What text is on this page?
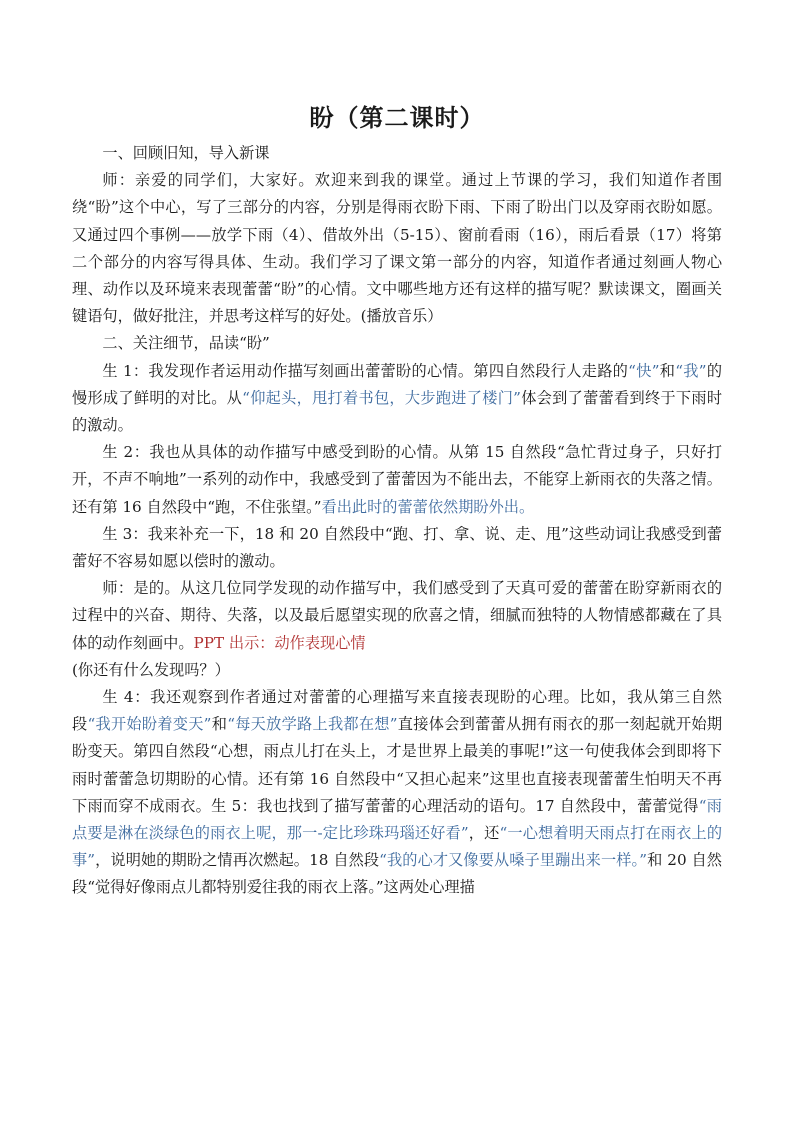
盼（第二课时）

一、回顾旧知，导入新课

师：亲爱的同学们，大家好。欢迎来到我的课堂。通过上节课的学习，我们知道作者围绕“盼”这个中心，写了三部分的内容，分别是得雨衣盼下雨、下雨了盼出门以及穿雨衣盼如愿。又通过四个事例——放学下雨（4）、借故外出（5-15）、窗前看雨（16），雨后看景（17）将第二个部分的内容写得具体、生动。我们学习了课文第一部分的内容，知道作者通过刻画人物心理、动作以及环境来表现蕾蕾“盼”的心情。文中哪些地方还有这样的描写呢？默读课文，圈画关键语句，做好批注，并思考这样写的好处。(播放音乐）

二、关注细节，品读“盼”

生 1：我发现作者运用动作描写刻画出蕾蕾盼的心情。第四自然段行人走路的“快”和“我”的慢形成了鲜明的对比。从“仰起头，甩打着书包，大步跑进了楼门”体会到了蕾蕾看到终于下雨时的激动。

生 2：我也从具体的动作描写中感受到盼的心情。从第 15 自然段“急忙背过身子，只好打开，不声不响地”一系列的动作中，我感受到了蕾蕾因为不能出去，不能穿上新雨衣的失落之情。还有第 16 自然段中“跑，不住张望。”看出此时的蕾蕾依然期盼外出。

生 3：我来补充一下，18 和 20 自然段中“跑、打、拿、说、走、甩”这些动词让我感受到蕾蕾好不容易如愿以偿时的激动。

师：是的。从这几位同学发现的动作描写中，我们感受到了天真可爱的蕾蕾在盼穿新雨衣的过程中的兴奋、期待、失落，以及最后愿望实现的欣喜之情，细腻而独特的人物情感都藏在了具体的动作刻画中。PPT 出示：动作表现心情

(你还有什么发现吗？）

生 4：我还观察到作者通过对蕾蕾的心理描写来直接表现盼的心理。比如，我从第三自然段“我开始盼着变天”和“每天放学路上我都在想”直接体会到蕾蕾从拥有雨衣的那一刻起就开始期盼变天。第四自然段“心想，雨点儿打在头上，才是世界上最美的事呢!”这一句使我体会到即将下雨时蕾蕾急切期盼的心情。还有第 16 自然段中“又担心起来”这里也直接表现蕾蕾生怕明天不再下雨而穿不成雨衣。生 5：我也找到了描写蕾蕾的心理活动的语句。17 自然段中，蕾蕾觉得“雨点要是淋在淡绿色的雨衣上呢，那一-定比珍珠玛瑙还好看”，还“一心想着明天雨点打在雨衣上的事”，说明她的期盼之情再次燃起。18 自然段“我的心才又像要从嗓子里蹦出来一样。”和 20 自然段“觉得好像雨点儿都特别爱往我的雨衣上落。”这两处心理描
